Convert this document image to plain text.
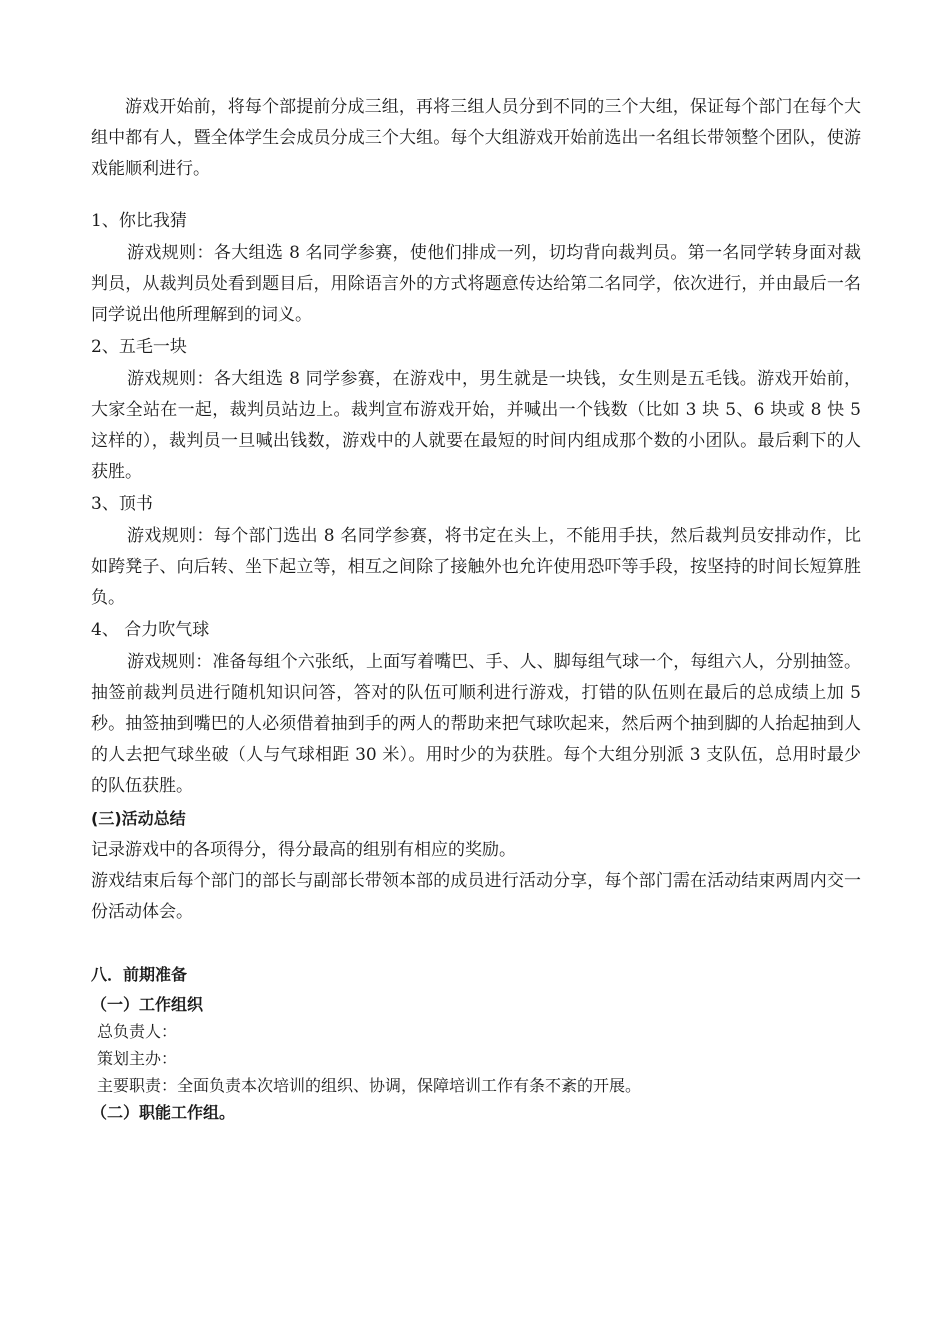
游戏开始前，将每个部提前分成三组，再将三组人员分到不同的三个大组，保证每个部门在每个大组中都有人，暨全体学生会成员分成三个大组。每个大组游戏开始前选出一名组长带领整个团队，使游戏能顺利进行。

1、你比我猜

游戏规则：各大组选 8 名同学参赛，使他们排成一列，切均背向裁判员。第一名同学转身面对裁判员，从裁判员处看到题目后，用除语言外的方式将题意传达给第二名同学，依次进行，并由最后一名同学说出他所理解到的词义。

2、五毛一块

游戏规则：各大组选 8 同学参赛，在游戏中，男生就是一块钱，女生则是五毛钱。游戏开始前，大家全站在一起，裁判员站边上。裁判宣布游戏开始，并喊出一个钱数（比如 3 块 5、6 块或 8 快 5 这样的），裁判员一旦喊出钱数，游戏中的人就要在最短的时间内组成那个数的小团队。最后剩下的人获胜。

3、顶书

游戏规则：每个部门选出 8 名同学参赛，将书定在头上，不能用手扶，然后裁判员安排动作，比如跨凳子、向后转、坐下起立等，相互之间除了接触外也允许使用恐吓等手段，按坚持的时间长短算胜负。

4、 合力吹气球

游戏规则：准备每组个六张纸，上面写着嘴巴、手、人、脚每组气球一个，每组六人，分别抽签。抽签前裁判员进行随机知识问答，答对的队伍可顺利进行游戏，打错的队伍则在最后的总成绩上加 5 秒。抽签抽到嘴巴的人必须借着抽到手的两人的帮助来把气球吹起来，然后两个抽到脚的人抬起抽到人的人去把气球坐破（人与气球相距 30 米）。用时少的为获胜。每个大组分别派 3 支队伍，总用时最少的队伍获胜。

(三)活动总结

记录游戏中的各项得分，得分最高的组别有相应的奖励。

游戏结束后每个部门的部长与副部长带领本部的成员进行活动分享，每个部门需在活动结束两周内交一份活动体会。

八．前期准备

（一）工作组织

总负责人：

策划主办：

主要职责：全面负责本次培训的组织、协调，保障培训工作有条不紊的开展。

（二）职能工作组。
